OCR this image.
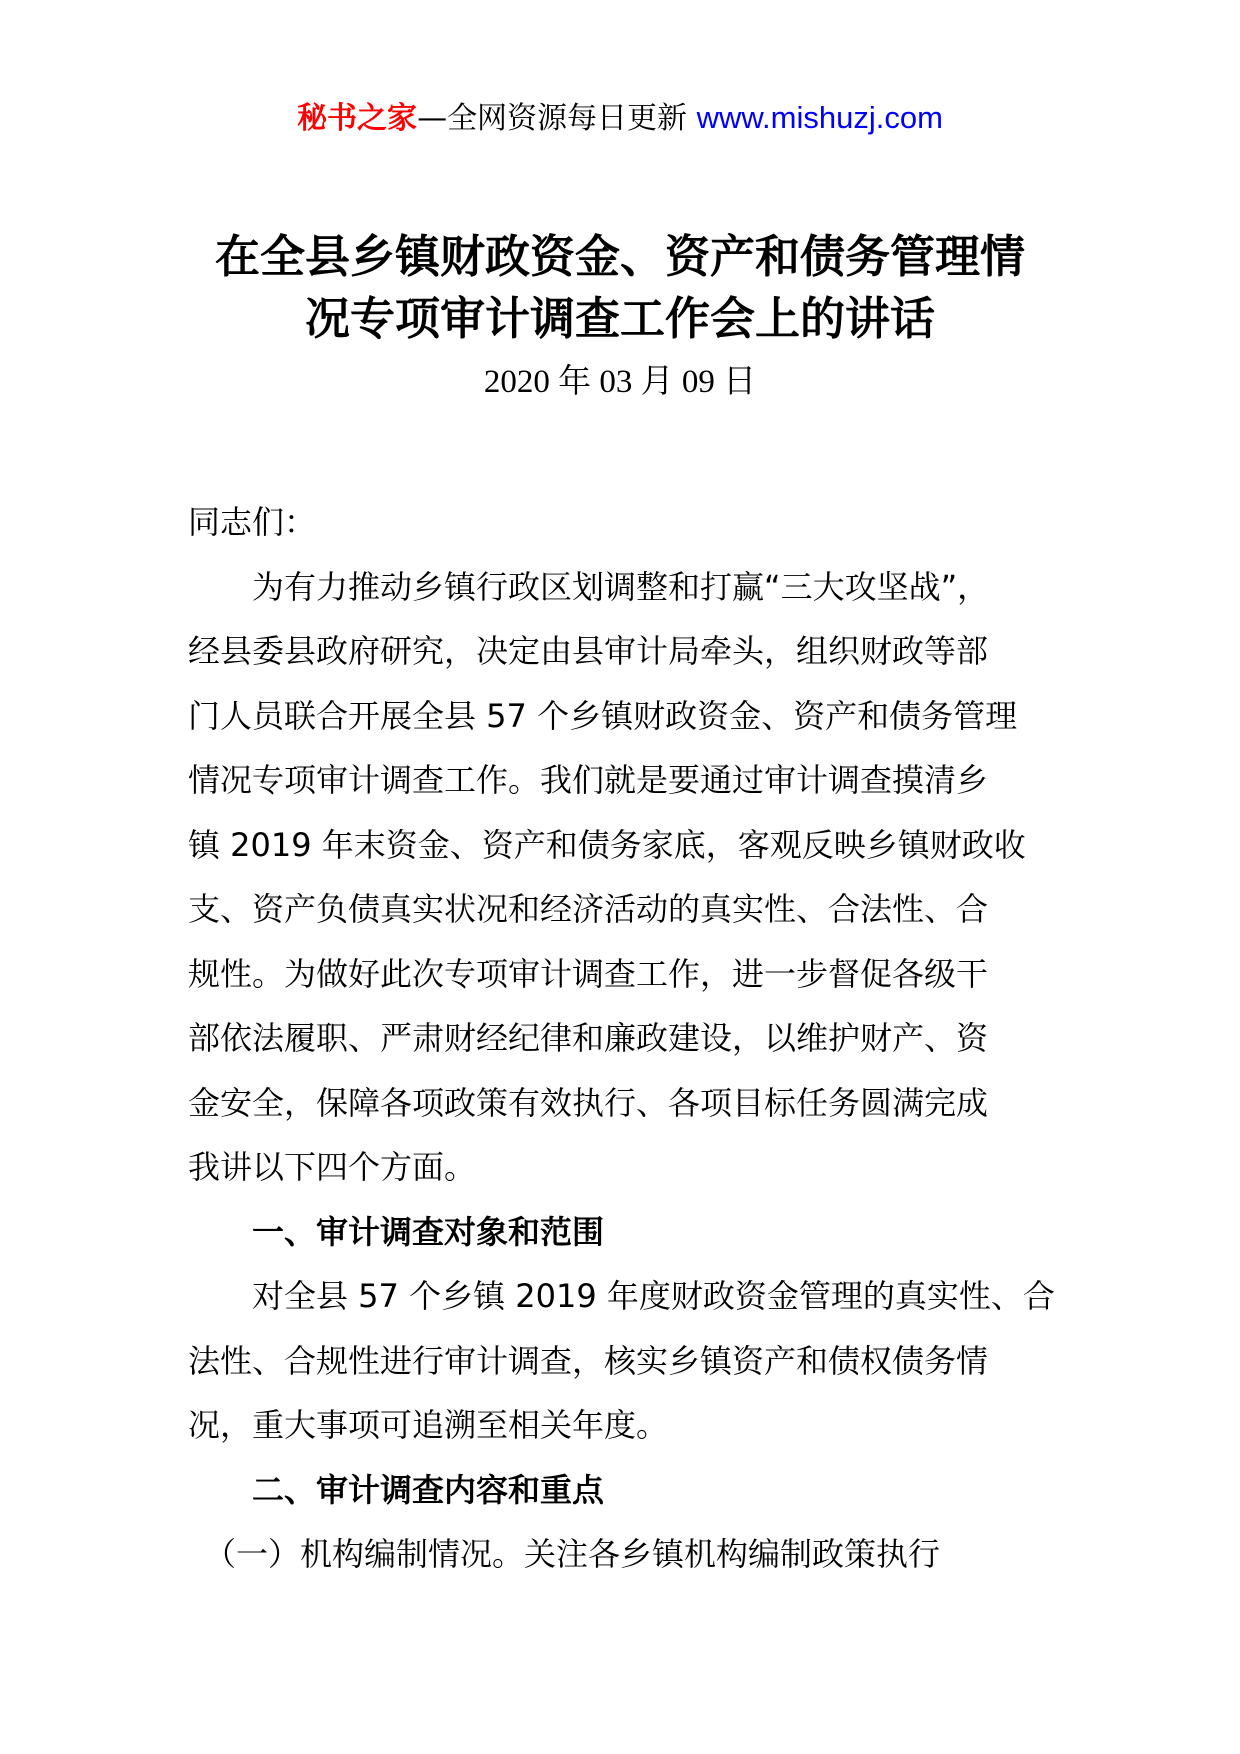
秘书之家—全网资源每日更新 www.mishuzj.com
在全县乡镇财政资金、资产和债务管理情
况专项审计调查工作会上的讲话
2020 年 03 月 09 日

同志们：

　　为有力推动乡镇行政区划调整和打赢“三大攻坚战”，

经县委县政府研究，决定由县审计局牵头，组织财政等部

门人员联合开展全县 57 个乡镇财政资金、资产和债务管理

情况专项审计调查工作。我们就是要通过审计调查摸清乡

镇 2019 年末资金、资产和债务家底，客观反映乡镇财政收

支、资产负债真实状况和经济活动的真实性、合法性、合

规性。为做好此次专项审计调查工作，进一步督促各级干

部依法履职、严肃财经纪律和廉政建设，以维护财产、资

金安全，保障各项政策有效执行、各项目标任务圆满完成

我讲以下四个方面。

　　一、审计调查对象和范围

　　对全县 57 个乡镇 2019 年度财政资金管理的真实性、合

法性、合规性进行审计调查，核实乡镇资产和债权债务情

况，重大事项可追溯至相关年度。

　　二、审计调查内容和重点

　（一）机构编制情况。关注各乡镇机构编制政策执行
